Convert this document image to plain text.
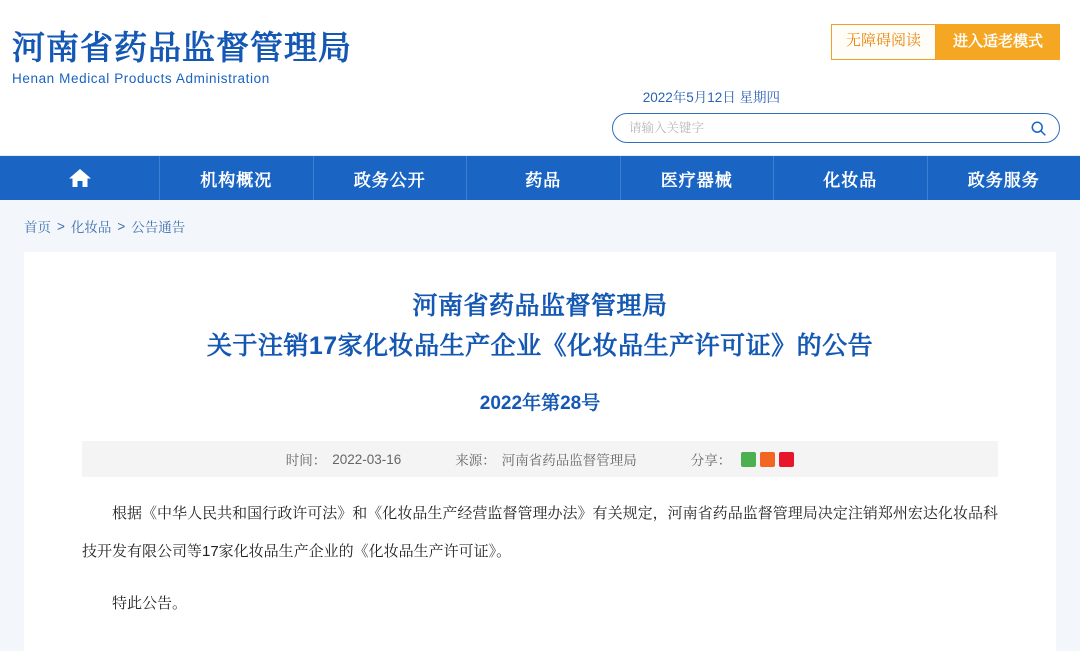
河南省药品监督管理局
Henan Medical Products Administration
无障碍阅读	进入适老模式
2022年5月12日 星期四
请输入关键字
机构概况	政务公开	药品	医疗器械	化妆品	政务服务
首页 > 化妆品 > 公告通告
河南省药品监督管理局
关于注销17家化妆品生产企业《化妆品生产许可证》的公告
2022年第28号
时间： 2022-03-16	来源： 河南省药品监督管理局	分享：

根据《中华人民共和国行政许可法》和《化妆品生产经营监督管理办法》有关规定，河南省药品监督管理局决定注销郑州宏达化妆品科技开发有限公司等17家化妆品生产企业的《化妆品生产许可证》。

特此公告。
